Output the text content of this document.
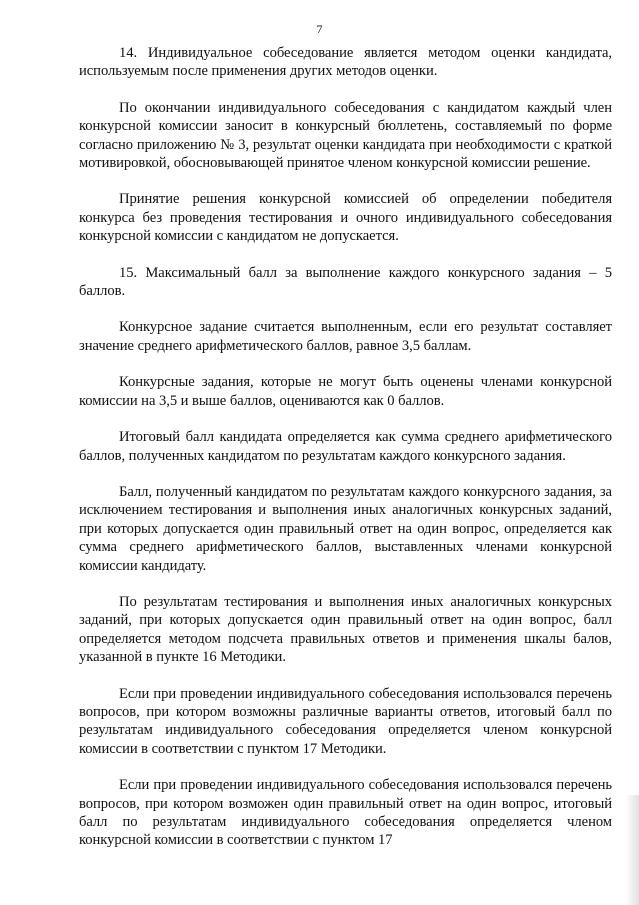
7

14. Индивидуальное собеседование является методом оценки кандидата, используемым после применения других методов оценки.

По окончании индивидуального собеседования с кандидатом каждый член конкурсной комиссии заносит в конкурсный бюллетень, составляемый по форме согласно приложению № 3, результат оценки кандидата при необходимости с краткой мотивировкой, обосновывающей принятое членом конкурсной комиссии решение.

Принятие решения конкурсной комиссией об определении победителя конкурса без проведения тестирования и очного индивидуального собеседования конкурсной комиссии с кандидатом не допускается.

15. Максимальный балл за выполнение каждого конкурсного задания – 5 баллов.

Конкурсное задание считается выполненным, если его результат составляет значение среднего арифметического баллов, равное 3,5 баллам.

Конкурсные задания, которые не могут быть оценены членами конкурсной комиссии на 3,5 и выше баллов, оцениваются как 0 баллов.

Итоговый балл кандидата определяется как сумма среднего арифметического баллов, полученных кандидатом по результатам каждого конкурсного задания.

Балл, полученный кандидатом по результатам каждого конкурсного задания, за исключением тестирования и выполнения иных аналогичных конкурсных заданий, при которых допускается один правильный ответ на один вопрос, определяется как сумма среднего арифметического баллов, выставленных членами конкурсной комиссии кандидату.

По результатам тестирования и выполнения иных аналогичных конкурсных заданий, при которых допускается один правильный ответ на один вопрос, балл определяется методом подсчета правильных ответов и применения шкалы балов, указанной в пункте 16 Методики.

Если при проведении индивидуального собеседования использовался перечень вопросов, при котором возможны различные варианты ответов, итоговый балл по результатам индивидуального собеседования определяется членом конкурсной комиссии в соответствии с пунктом 17 Методики.

Если при проведении индивидуального собеседования использовался перечень вопросов, при котором возможен один правильный ответ на один вопрос, итоговый балл по результатам индивидуального собеседования определяется членом конкурсной комиссии в соответствии с пунктом 17
